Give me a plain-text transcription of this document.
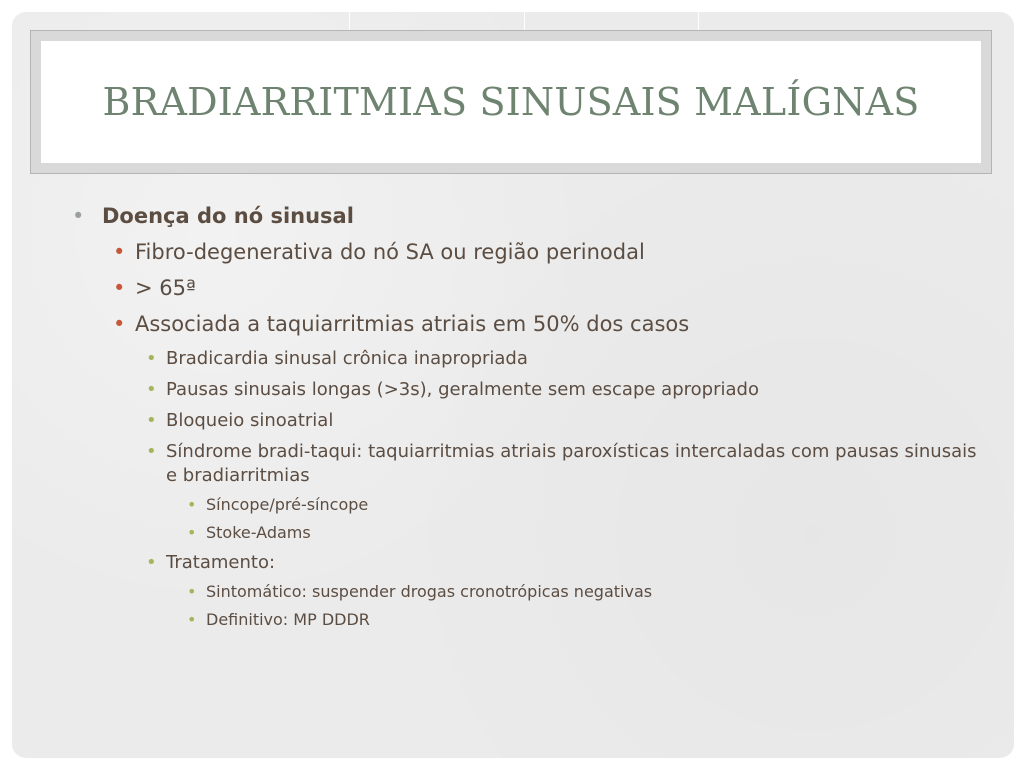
BRADIARRITMIAS SINUSAIS MALÍGNAS
• Doença do nó sinusal
• Fibro-degenerativa do nó SA ou região perinodal
• > 65ª
• Associada a taquiarritmias atriais em 50% dos casos
• Bradicardia sinusal crônica inapropriada
• Pausas sinusais longas (>3s), geralmente sem escape apropriado
• Bloqueio sinoatrial
• Síndrome bradi-taqui: taquiarritmias atriais paroxísticas intercaladas com pausas sinusais e bradiarritmias
• Síncope/pré-síncope
• Stoke-Adams
• Tratamento:
• Sintomático: suspender drogas cronotrópicas negativas
• Definitivo: MP DDDR
